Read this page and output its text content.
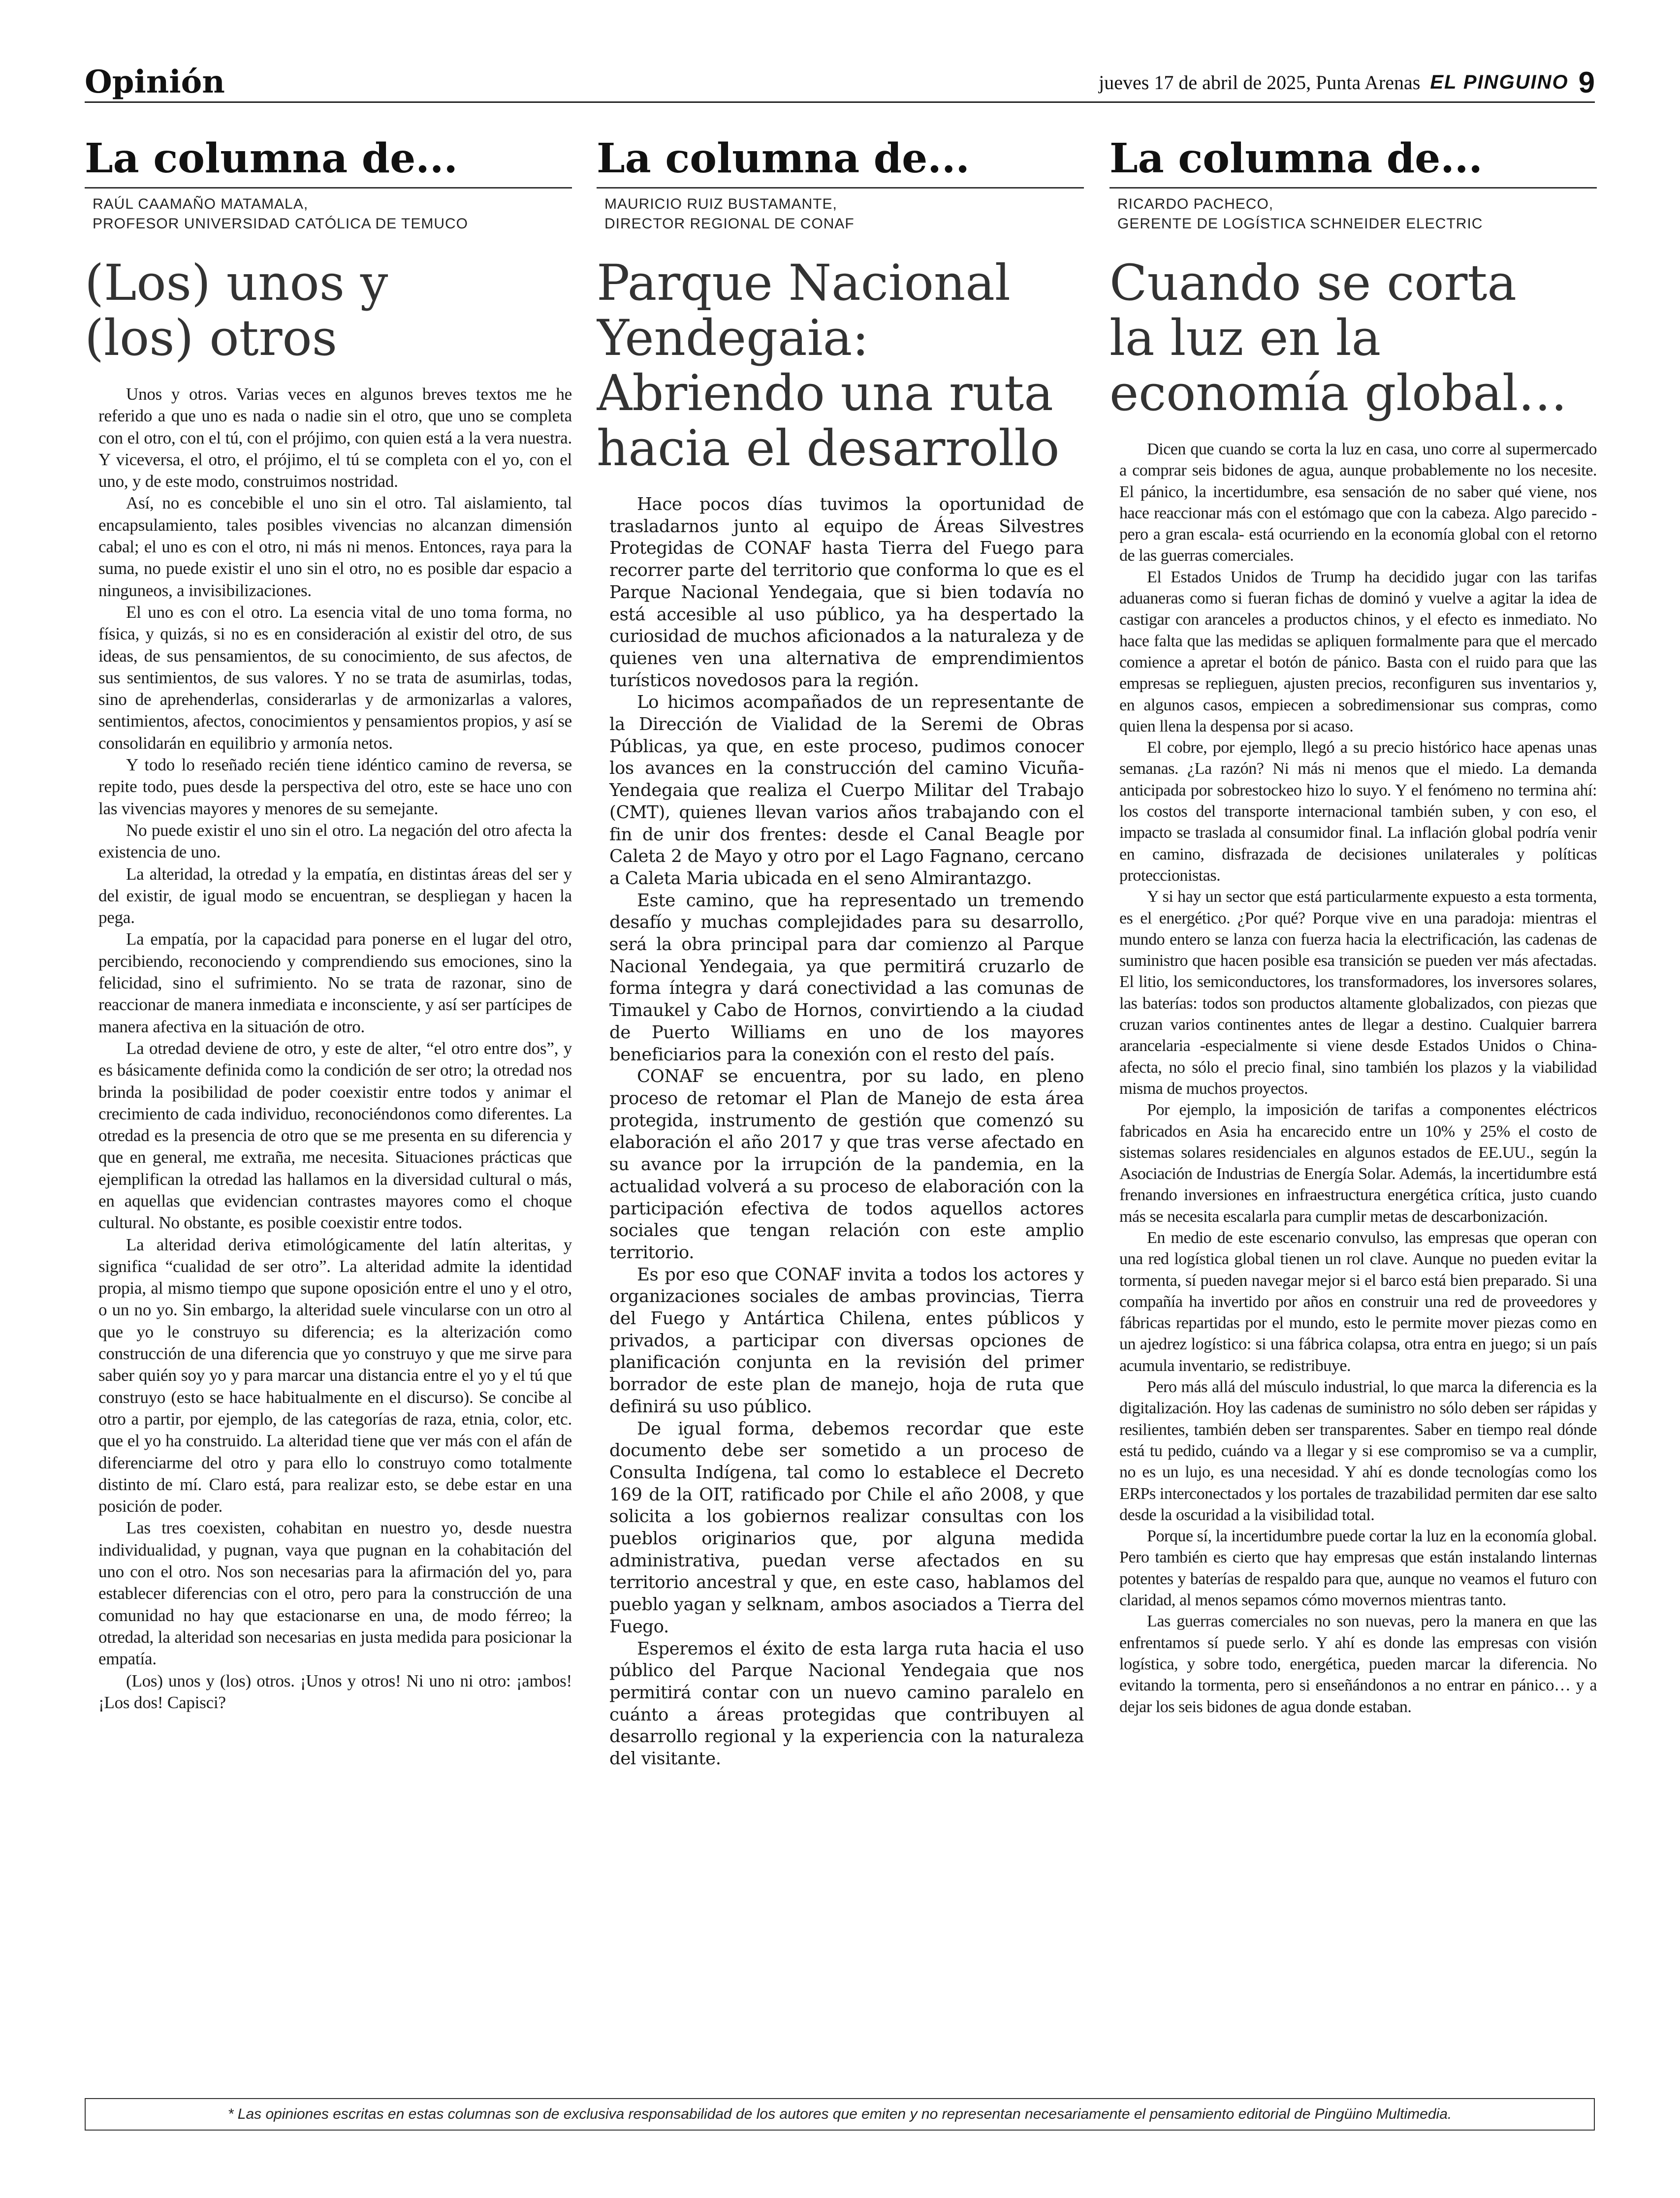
Opinión	jueves 17 de abril de 2025, Punta Arenas EL PINGUINO 9
La columna de...
RAÚL CAAMAÑO MATAMALA,
PROFESOR UNIVERSIDAD CATÓLICA DE TEMUCO
(Los) unos y
(los) otros

Unos y otros. Varias veces en algunos breves textos me he referido a que uno es nada o nadie sin el otro, que uno se completa con el otro, con el tú, con el prójimo, con quien está a la vera nuestra. Y viceversa, el otro, el prójimo, el tú se completa con el yo, con el uno, y de este modo, construimos nostridad.

Así, no es concebible el uno sin el otro. Tal aislamiento, tal encapsulamiento, tales posibles vivencias no alcanzan dimensión cabal; el uno es con el otro, ni más ni menos. Entonces, raya para la suma, no puede existir el uno sin el otro, no es posible dar espacio a ninguneos, a invisibilizaciones.

El uno es con el otro. La esencia vital de uno toma forma, no física, y quizás, si no es en consideración al existir del otro, de sus ideas, de sus pensamientos, de su conocimiento, de sus afectos, de sus sentimientos, de sus valores. Y no se trata de asumirlas, todas, sino de aprehenderlas, considerarlas y de armonizarlas a valores, sentimientos, afectos, conocimientos y pensamientos propios, y así se consolidarán en equilibrio y armonía netos.

Y todo lo reseñado recién tiene idéntico camino de reversa, se repite todo, pues desde la perspectiva del otro, este se hace uno con las vivencias mayores y menores de su semejante.

No puede existir el uno sin el otro. La negación del otro afecta la existencia de uno.

La alteridad, la otredad y la empatía, en distintas áreas del ser y del existir, de igual modo se encuentran, se despliegan y hacen la pega.

La empatía, por la capacidad para ponerse en el lugar del otro, percibiendo, reconociendo y comprendiendo sus emociones, sino la felicidad, sino el sufrimiento. No se trata de razonar, sino de reaccionar de manera inmediata e inconsciente, y así ser partícipes de manera afectiva en la situación de otro.

La otredad deviene de otro, y este de alter, “el otro entre dos”, y es básicamente definida como la condición de ser otro; la otredad nos brinda la posibilidad de poder coexistir entre todos y animar el crecimiento de cada individuo, reconociéndonos como diferentes. La otredad es la presencia de otro que se me presenta en su diferencia y que en general, me extraña, me necesita. Situaciones prácticas que ejemplifican la otredad las hallamos en la diversidad cultural o más, en aquellas que evidencian contrastes mayores como el choque cultural. No obstante, es posible coexistir entre todos.

La alteridad deriva etimológicamente del latín alteritas, y significa “cualidad de ser otro”. La alteridad admite la identidad propia, al mismo tiempo que supone oposición entre el uno y el otro, o un no yo. Sin embargo, la alteridad suele vincularse con un otro al que yo le construyo su diferencia; es la alterización como construcción de una diferencia que yo construyo y que me sirve para saber quién soy yo y para marcar una distancia entre el yo y el tú que construyo (esto se hace habitualmente en el discurso). Se concibe al otro a partir, por ejemplo, de las categorías de raza, etnia, color, etc. que el yo ha construido. La alteridad tiene que ver más con el afán de diferenciarme del otro y para ello lo construyo como totalmente distinto de mí. Claro está, para realizar esto, se debe estar en una posición de poder.

Las tres coexisten, cohabitan en nuestro yo, desde nuestra individualidad, y pugnan, vaya que pugnan en la cohabitación del uno con el otro. Nos son necesarias para la afirmación del yo, para establecer diferencias con el otro, pero para la construcción de una comunidad no hay que estacionarse en una, de modo férreo; la otredad, la alteridad son necesarias en justa medida para posicionar la empatía.

(Los) unos y (los) otros. ¡Unos y otros! Ni uno ni otro: ¡ambos! ¡Los dos! Capisci?

La columna de...
MAURICIO RUIZ BUSTAMANTE,
DIRECTOR REGIONAL DE CONAF
Parque Nacional
Yendegaia:
Abriendo una ruta
hacia el desarrollo

Hace pocos días tuvimos la oportunidad de trasladarnos junto al equipo de Áreas Silvestres Protegidas de CONAF hasta Tierra del Fuego para recorrer parte del territorio que conforma lo que es el Parque Nacional Yendegaia, que si bien todavía no está accesible al uso público, ya ha despertado la curiosidad de muchos aficionados a la naturaleza y de quienes ven una alternativa de emprendimientos turísticos novedosos para la región.

Lo hicimos acompañados de un representante de la Dirección de Vialidad de la Seremi de Obras Públicas, ya que, en este proceso, pudimos conocer los avances en la construcción del camino Vicuña-Yendegaia que realiza el Cuerpo Militar del Trabajo (CMT), quienes llevan varios años trabajando con el fin de unir dos frentes: desde el Canal Beagle por Caleta 2 de Mayo y otro por el Lago Fagnano, cercano a Caleta Maria ubicada en el seno Almirantazgo.

Este camino, que ha representado un tremendo desafío y muchas complejidades para su desarrollo, será la obra principal para dar comienzo al Parque Nacional Yendegaia, ya que permitirá cruzarlo de forma íntegra y dará conectividad a las comunas de Timaukel y Cabo de Hornos, convirtiendo a la ciudad de Puerto Williams en uno de los mayores beneficiarios para la conexión con el resto del país.

CONAF se encuentra, por su lado, en pleno proceso de retomar el Plan de Manejo de esta área protegida, instrumento de gestión que comenzó su elaboración el año 2017 y que tras verse afectado en su avance por la irrupción de la pandemia, en la actualidad volverá a su proceso de elaboración con la participación efectiva de todos aquellos actores sociales que tengan relación con este amplio territorio.

Es por eso que CONAF invita a todos los actores y organizaciones sociales de ambas provincias, Tierra del Fuego y Antártica Chilena, entes públicos y privados, a participar con diversas opciones de planificación conjunta en la revisión del primer borrador de este plan de manejo, hoja de ruta que definirá su uso público.

De igual forma, debemos recordar que este documento debe ser sometido a un proceso de Consulta Indígena, tal como lo establece el Decreto 169 de la OIT, ratificado por Chile el año 2008, y que solicita a los gobiernos realizar consultas con los pueblos originarios que, por alguna medida administrativa, puedan verse afectados en su territorio ancestral y que, en este caso, hablamos del pueblo yagan y selknam, ambos asociados a Tierra del Fuego.

Esperemos el éxito de esta larga ruta hacia el uso público del Parque Nacional Yendegaia que nos permitirá contar con un nuevo camino paralelo en cuánto a áreas protegidas que contribuyen al desarrollo regional y la experiencia con la naturaleza del visitante.

La columna de...
RICARDO PACHECO,
GERENTE DE LOGÍSTICA SCHNEIDER ELECTRIC
Cuando se corta
la luz en la
economía global…

Dicen que cuando se corta la luz en casa, uno corre al supermercado a comprar seis bidones de agua, aunque probablemente no los necesite. El pánico, la incertidumbre, esa sensación de no saber qué viene, nos hace reaccionar más con el estómago que con la cabeza. Algo parecido -pero a gran escala- está ocurriendo en la economía global con el retorno de las guerras comerciales.

El Estados Unidos de Trump ha decidido jugar con las tarifas aduaneras como si fueran fichas de dominó y vuelve a agitar la idea de castigar con aranceles a productos chinos, y el efecto es inmediato. No hace falta que las medidas se apliquen formalmente para que el mercado comience a apretar el botón de pánico. Basta con el ruido para que las empresas se replieguen, ajusten precios, reconfiguren sus inventarios y, en algunos casos, empiecen a sobredimensionar sus compras, como quien llena la despensa por si acaso.

El cobre, por ejemplo, llegó a su precio histórico hace apenas unas semanas. ¿La razón? Ni más ni menos que el miedo. La demanda anticipada por sobrestockeo hizo lo suyo. Y el fenómeno no termina ahí: los costos del transporte internacional también suben, y con eso, el impacto se traslada al consumidor final. La inflación global podría venir en camino, disfrazada de decisiones unilaterales y políticas proteccionistas.

Y si hay un sector que está particularmente expuesto a esta tormenta, es el energético. ¿Por qué? Porque vive en una paradoja: mientras el mundo entero se lanza con fuerza hacia la electrificación, las cadenas de suministro que hacen posible esa transición se pueden ver más afectadas. El litio, los semiconductores, los transformadores, los inversores solares, las baterías: todos son productos altamente globalizados, con piezas que cruzan varios continentes antes de llegar a destino. Cualquier barrera arancelaria -especialmente si viene desde Estados Unidos o China- afecta, no sólo el precio final, sino también los plazos y la viabilidad misma de muchos proyectos.

Por ejemplo, la imposición de tarifas a componentes eléctricos fabricados en Asia ha encarecido entre un 10% y 25% el costo de sistemas solares residenciales en algunos estados de EE.UU., según la Asociación de Industrias de Energía Solar. Además, la incertidumbre está frenando inversiones en infraestructura energética crítica, justo cuando más se necesita escalarla para cumplir metas de descarbonización.

En medio de este escenario convulso, las empresas que operan con una red logística global tienen un rol clave. Aunque no pueden evitar la tormenta, sí pueden navegar mejor si el barco está bien preparado. Si una compañía ha invertido por años en construir una red de proveedores y fábricas repartidas por el mundo, esto le permite mover piezas como en un ajedrez logístico: si una fábrica colapsa, otra entra en juego; si un país acumula inventario, se redistribuye.

Pero más allá del músculo industrial, lo que marca la diferencia es la digitalización. Hoy las cadenas de suministro no sólo deben ser rápidas y resilientes, también deben ser transparentes. Saber en tiempo real dónde está tu pedido, cuándo va a llegar y si ese compromiso se va a cumplir, no es un lujo, es una necesidad. Y ahí es donde tecnologías como los ERPs interconectados y los portales de trazabilidad permiten dar ese salto desde la oscuridad a la visibilidad total.

Porque sí, la incertidumbre puede cortar la luz en la economía global. Pero también es cierto que hay empresas que están instalando linternas potentes y baterías de respaldo para que, aunque no veamos el futuro con claridad, al menos sepamos cómo movernos mientras tanto.

Las guerras comerciales no son nuevas, pero la manera en que las enfrentamos sí puede serlo. Y ahí es donde las empresas con visión logística, y sobre todo, energética, pueden marcar la diferencia. No evitando la tormenta, pero si enseñándonos a no entrar en pánico… y a dejar los seis bidones de agua donde estaban.

* Las opiniones escritas en estas columnas son de exclusiva responsabilidad de los autores que emiten y no representan necesariamente el pensamiento editorial de Pingüino Multimedia.
